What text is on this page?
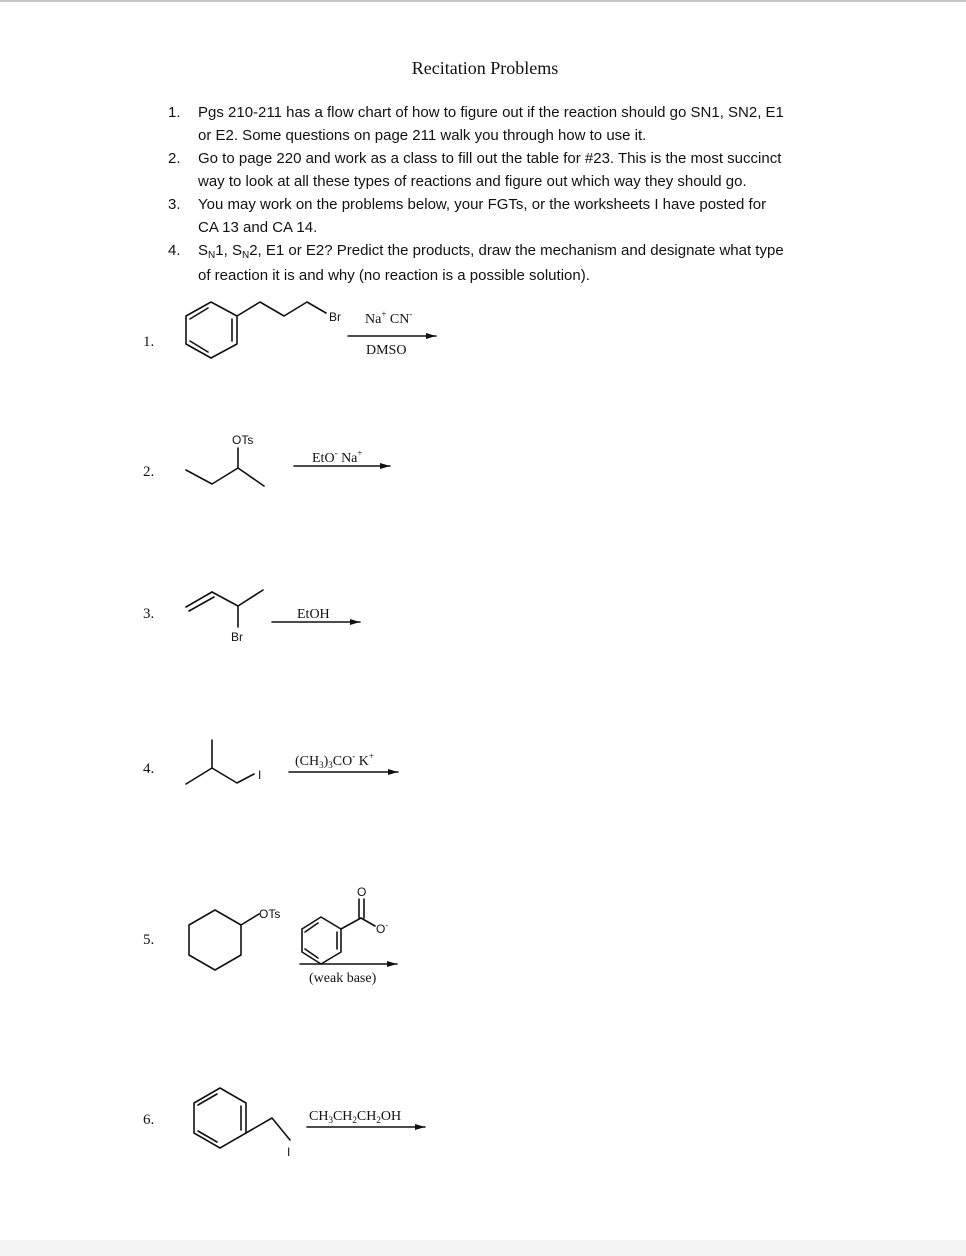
Recitation Problems
1. Pgs 210-211 has a flow chart of how to figure out if the reaction should go SN1, SN2, E1
or E2. Some questions on page 211 walk you through how to use it.
2. Go to page 220 and work as a class to fill out the table for #23. This is the most succinct
way to look at all these types of reactions and figure out which way they should go.
3. You may work on the problems below, your FGTs, or the worksheets I have posted for
CA 13 and CA 14.
4. $S_N1$, $S_N2$, E1 or E2? Predict the products, draw the mechanism and designate what type
of reaction it is and why (no reaction is a possible solution).
1.
2.
3.
4.
5.
6.
Br
OTs
Br
I
OTs
O
O-
I
Na+ CN-
DMSO
EtO- Na+
EtOH
$(CH_3)_3CO^-$ K+
(weak base)
$CH_3CH_2CH_2OH$
